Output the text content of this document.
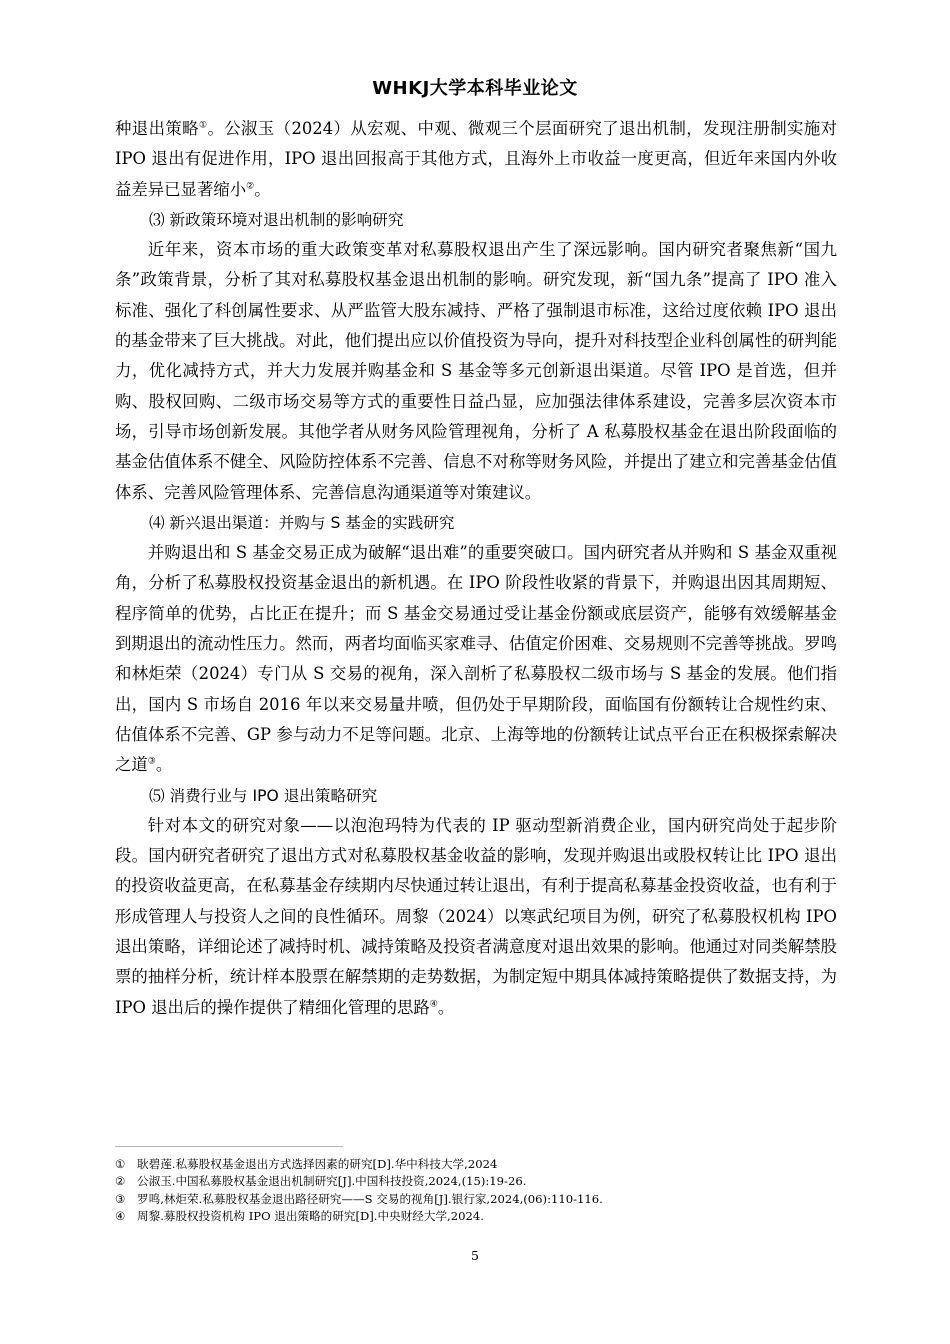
WHKJ大学本科毕业论文

种退出策略①。公淑玉（2024）从宏观、中观、微观三个层面研究了退出机制，发现注册制实施对 IPO 退出有促进作用，IPO 退出回报高于其他方式，且海外上市收益一度更高，但近年来国内外收益差异已显著缩小②。

⑶ 新政策环境对退出机制的影响研究

近年来，资本市场的重大政策变革对私募股权退出产生了深远影响。国内研究者聚焦新“国九条”政策背景，分析了其对私募股权基金退出机制的影响。研究发现，新“国九条”提高了 IPO 准入标准、强化了科创属性要求、从严监管大股东减持、严格了强制退市标准，这给过度依赖 IPO 退出的基金带来了巨大挑战。对此，他们提出应以价值投资为导向，提升对科技型企业科创属性的研判能力，优化减持方式，并大力发展并购基金和 S 基金等多元创新退出渠道。尽管 IPO 是首选，但并购、股权回购、二级市场交易等方式的重要性日益凸显，应加强法律体系建设，完善多层次资本市场，引导市场创新发展。其他学者从财务风险管理视角，分析了 A 私募股权基金在退出阶段面临的基金估值体系不健全、风险防控体系不完善、信息不对称等财务风险，并提出了建立和完善基金估值体系、完善风险管理体系、完善信息沟通渠道等对策建议。

⑷ 新兴退出渠道：并购与 S 基金的实践研究

并购退出和 S 基金交易正成为破解“退出难”的重要突破口。国内研究者从并购和 S 基金双重视角，分析了私募股权投资基金退出的新机遇。在 IPO 阶段性收紧的背景下，并购退出因其周期短、程序简单的优势，占比正在提升；而 S 基金交易通过受让基金份额或底层资产，能够有效缓解基金到期退出的流动性压力。然而，两者均面临买家难寻、估值定价困难、交易规则不完善等挑战。罗鸣和林炬荣（2024）专门从 S 交易的视角，深入剖析了私募股权二级市场与 S 基金的发展。他们指出，国内 S 市场自 2016 年以来交易量井喷，但仍处于早期阶段，面临国有份额转让合规性约束、估值体系不完善、GP 参与动力不足等问题。北京、上海等地的份额转让试点平台正在积极探索解决之道③。

⑸ 消费行业与 IPO 退出策略研究

针对本文的研究对象——以泡泡玛特为代表的 IP 驱动型新消费企业，国内研究尚处于起步阶段。国内研究者研究了退出方式对私募股权基金收益的影响，发现并购退出或股权转让比 IPO 退出的投资收益更高，在私募基金存续期内尽快通过转让退出，有利于提高私募基金投资收益，也有利于形成管理人与投资人之间的良性循环。周黎（2024）以寒武纪项目为例，研究了私募股权机构 IPO 退出策略，详细论述了减持时机、减持策略及投资者满意度对退出效果的影响。他通过对同类解禁股票的抽样分析，统计样本股票在解禁期的走势数据，为制定短中期具体减持策略提供了数据支持，为 IPO 退出后的操作提供了精细化管理的思路④。

① 耿碧莲.私募股权基金退出方式选择因素的研究[D].华中科技大学,2024
② 公淑玉.中国私募股权基金退出机制研究[J].中国科技投资,2024,(15):19-26.
③ 罗鸣,林炬荣.私募股权基金退出路径研究——S 交易的视角[J].银行家,2024,(06):110-116.
④ 周黎.募股权投资机构 IPO 退出策略的研究[D].中央财经大学,2024.
5
